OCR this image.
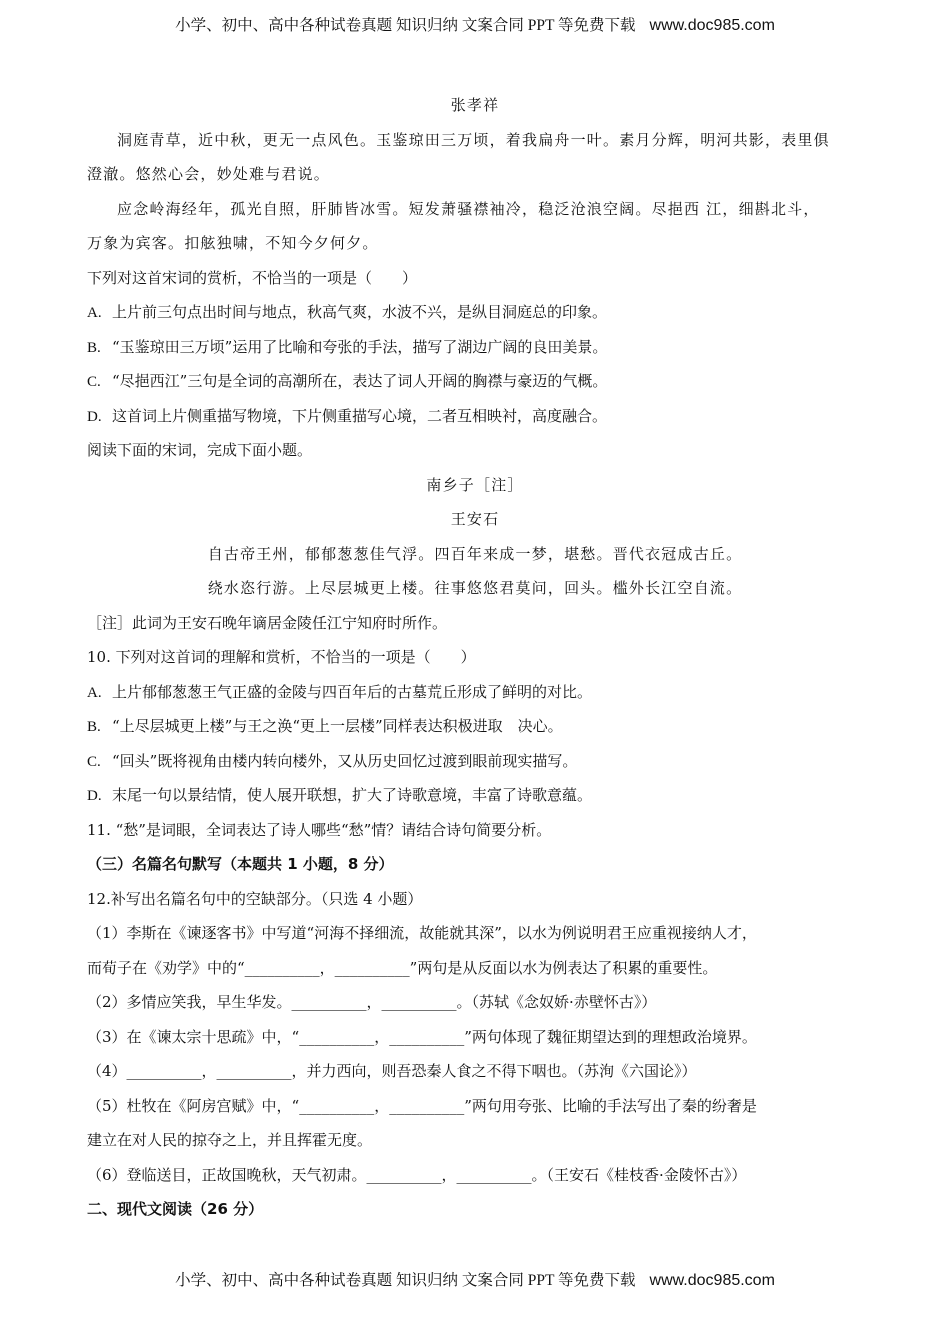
小学、初中、高中各种试卷真题 知识归纳 文案合同 PPT 等免费下载 www.doc985.com
张孝祥
洞庭青草，近中秋，更无一点风色。玉鉴琼田三万顷，着我扁舟一叶。素月分辉，明河共影，表里俱
澄澈。悠然心会，妙处难与君说。
应念岭海经年，孤光自照，肝肺皆冰雪。短发萧骚襟袖冷，稳泛沧浪空阔。尽挹西 江，细斟北斗，
万象为宾客。扣舷独啸，不知今夕何夕。
下列对这首宋词的赏析，不恰当的一项是（　　）
A. 上片前三句点出时间与地点，秋高气爽，水波不兴，是纵目洞庭总的印象。
B. “玉鉴琼田三万顷”运用了比喻和夸张的手法，描写了湖边广阔的良田美景。
C. “尽挹西江”三句是全词的高潮所在，表达了词人开阔的胸襟与豪迈的气概。
D. 这首词上片侧重描写物境，下片侧重描写心境，二者互相映衬，高度融合。
阅读下面的宋词，完成下面小题。
南乡子［注］
王安石
自古帝王州，郁郁葱葱佳气浮。四百年来成一梦，堪愁。晋代衣冠成古丘。
绕水恣行游。上尽层城更上楼。往事悠悠君莫问，回头。槛外长江空自流。
［注］此词为王安石晚年谪居金陵任江宁知府时所作。
10. 下列对这首词的理解和赏析，不恰当的一项是（　　）
A. 上片郁郁葱葱王气正盛的金陵与四百年后的古墓荒丘形成了鲜明的对比。
B. “上尽层城更上楼”与王之涣“更上一层楼”同样表达积极进取　决心。
C. “回头”既将视角由楼内转向楼外，又从历史回忆过渡到眼前现实描写。
D. 末尾一句以景结情，使人展开联想，扩大了诗歌意境，丰富了诗歌意蕴。
11. “愁”是词眼，全词表达了诗人哪些“愁”情？请结合诗句简要分析。
（三）名篇名句默写（本题共 1 小题，8 分）
12.补写出名篇名句中的空缺部分。（只选 4 小题）
（1）李斯在《谏逐客书》中写道“河海不择细流，故能就其深”，以水为例说明君王应重视接纳人才，
而荀子在《劝学》中的“__________，__________”两句是从反面以水为例表达了积累的重要性。
（2）多情应笑我，早生华发。__________，__________。（苏轼《念奴娇·赤壁怀古》）
（3）在《谏太宗十思疏》中，“__________，__________”两句体现了魏征期望达到的理想政治境界。
（4）__________，__________，并力西向，则吾恐秦人食之不得下咽也。（苏洵《六国论》）
（5）杜牧在《阿房宫赋》中，“__________，__________”两句用夸张、比喻的手法写出了秦的纷奢是
建立在对人民的掠夺之上，并且挥霍无度。
（6）登临送目，正故国晚秋，天气初肃。__________，__________。（王安石《桂枝香·金陵怀古》）
二、现代文阅读（26 分）
小学、初中、高中各种试卷真题 知识归纳 文案合同 PPT 等免费下载 www.doc985.com
